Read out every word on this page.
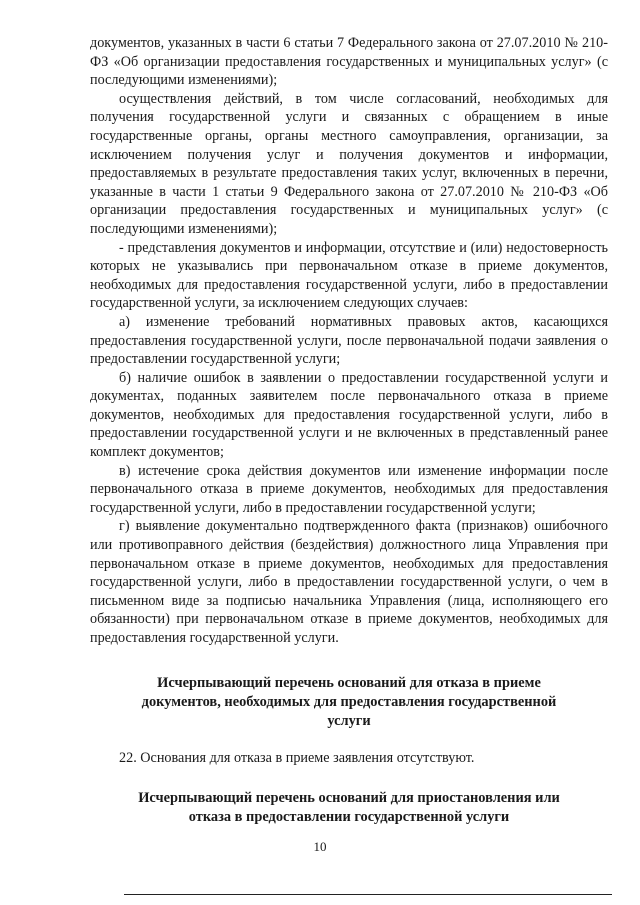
документов, указанных в части 6 статьи 7 Федерального закона от 27.07.2010 № 210-ФЗ «Об организации предоставления государственных и муниципальных услуг» (с последующими изменениями);

осуществления действий, в том числе согласований, необходимых для получения государственной услуги и связанных с обращением в иные государственные органы, органы местного самоуправления, организации, за исключением получения услуг и получения документов и информации, предоставляемых в результате предоставления таких услуг, включенных в перечни, указанные в части 1 статьи 9 Федерального закона от 27.07.2010 № 210-ФЗ «Об организации предоставления государственных и муниципальных услуг» (с последующими изменениями);

- представления документов и информации, отсутствие и (или) недостоверность которых не указывались при первоначальном отказе в приеме документов, необходимых для предоставления государственной услуги, либо в предоставлении государственной услуги, за исключением следующих случаев:

а) изменение требований нормативных правовых актов, касающихся предоставления государственной услуги, после первоначальной подачи заявления о предоставлении государственной услуги;

б) наличие ошибок в заявлении о предоставлении государственной услуги и документах, поданных заявителем после первоначального отказа в приеме документов, необходимых для предоставления государственной услуги, либо в предоставлении государственной услуги и не включенных в представленный ранее комплект документов;

в) истечение срока действия документов или изменение информации после первоначального отказа в приеме документов, необходимых для предоставления государственной услуги, либо в предоставлении государственной услуги;

г) выявление документально подтвержденного факта (признаков) ошибочного или противоправного действия (бездействия) должностного лица Управления при первоначальном отказе в приеме документов, необходимых для предоставления государственной услуги, либо в предоставлении государственной услуги, о чем в письменном виде за подписью начальника Управления (лица, исполняющего его обязанности) при первоначальном отказе в приеме документов, необходимых для предоставления государственной услуги.

Исчерпывающий перечень оснований для отказа в приеме документов, необходимых для предоставления государственной услуги

22. Основания для отказа в приеме заявления отсутствуют.

Исчерпывающий перечень оснований для приостановления или отказа в предоставлении государственной услуги
10
